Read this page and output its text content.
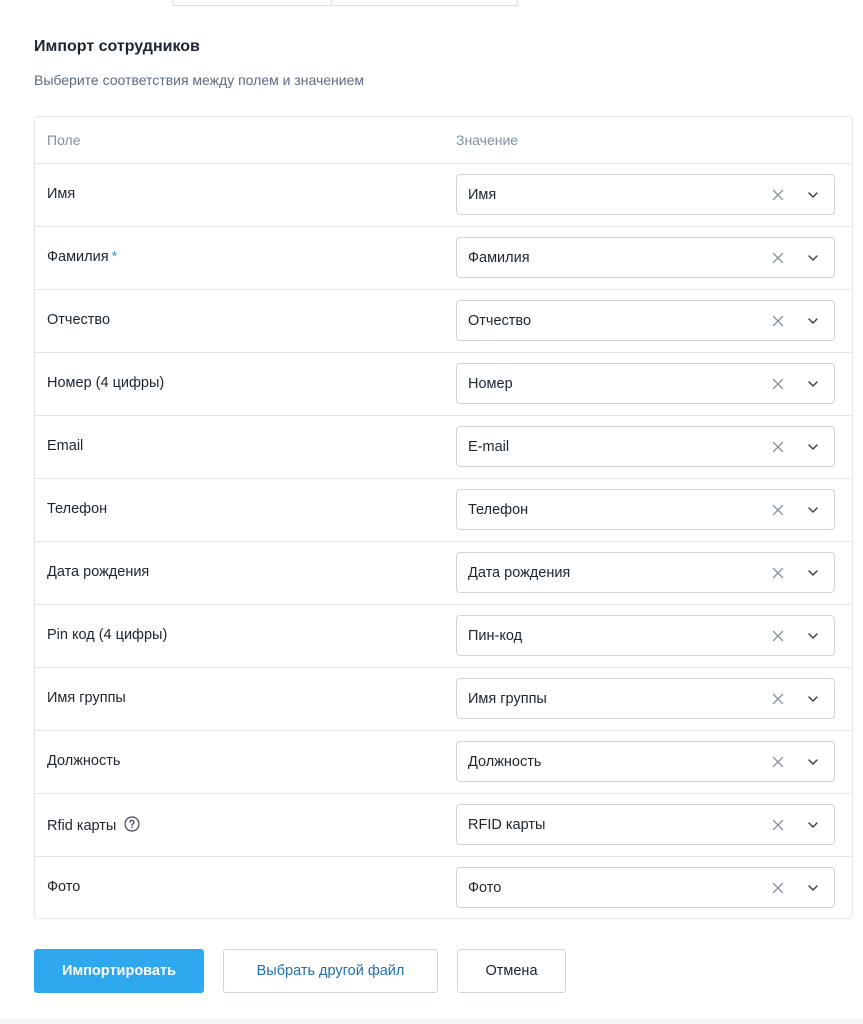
Импорт сотрудников
Выберите соответствия между полем и значением
Поле	Значение
Имя	Имя
Фамилия *	Фамилия
Отчество	Отчество
Номер (4 цифры)	Номер
Email	E-mail
Телефон	Телефон
Дата рождения	Дата рождения
Pin код (4 цифры)	Пин-код
Имя группы	Имя группы
Должность	Должность
Rfid карты	RFID карты
Фото	Фото
Импортировать	Выбрать другой файл	Отмена
